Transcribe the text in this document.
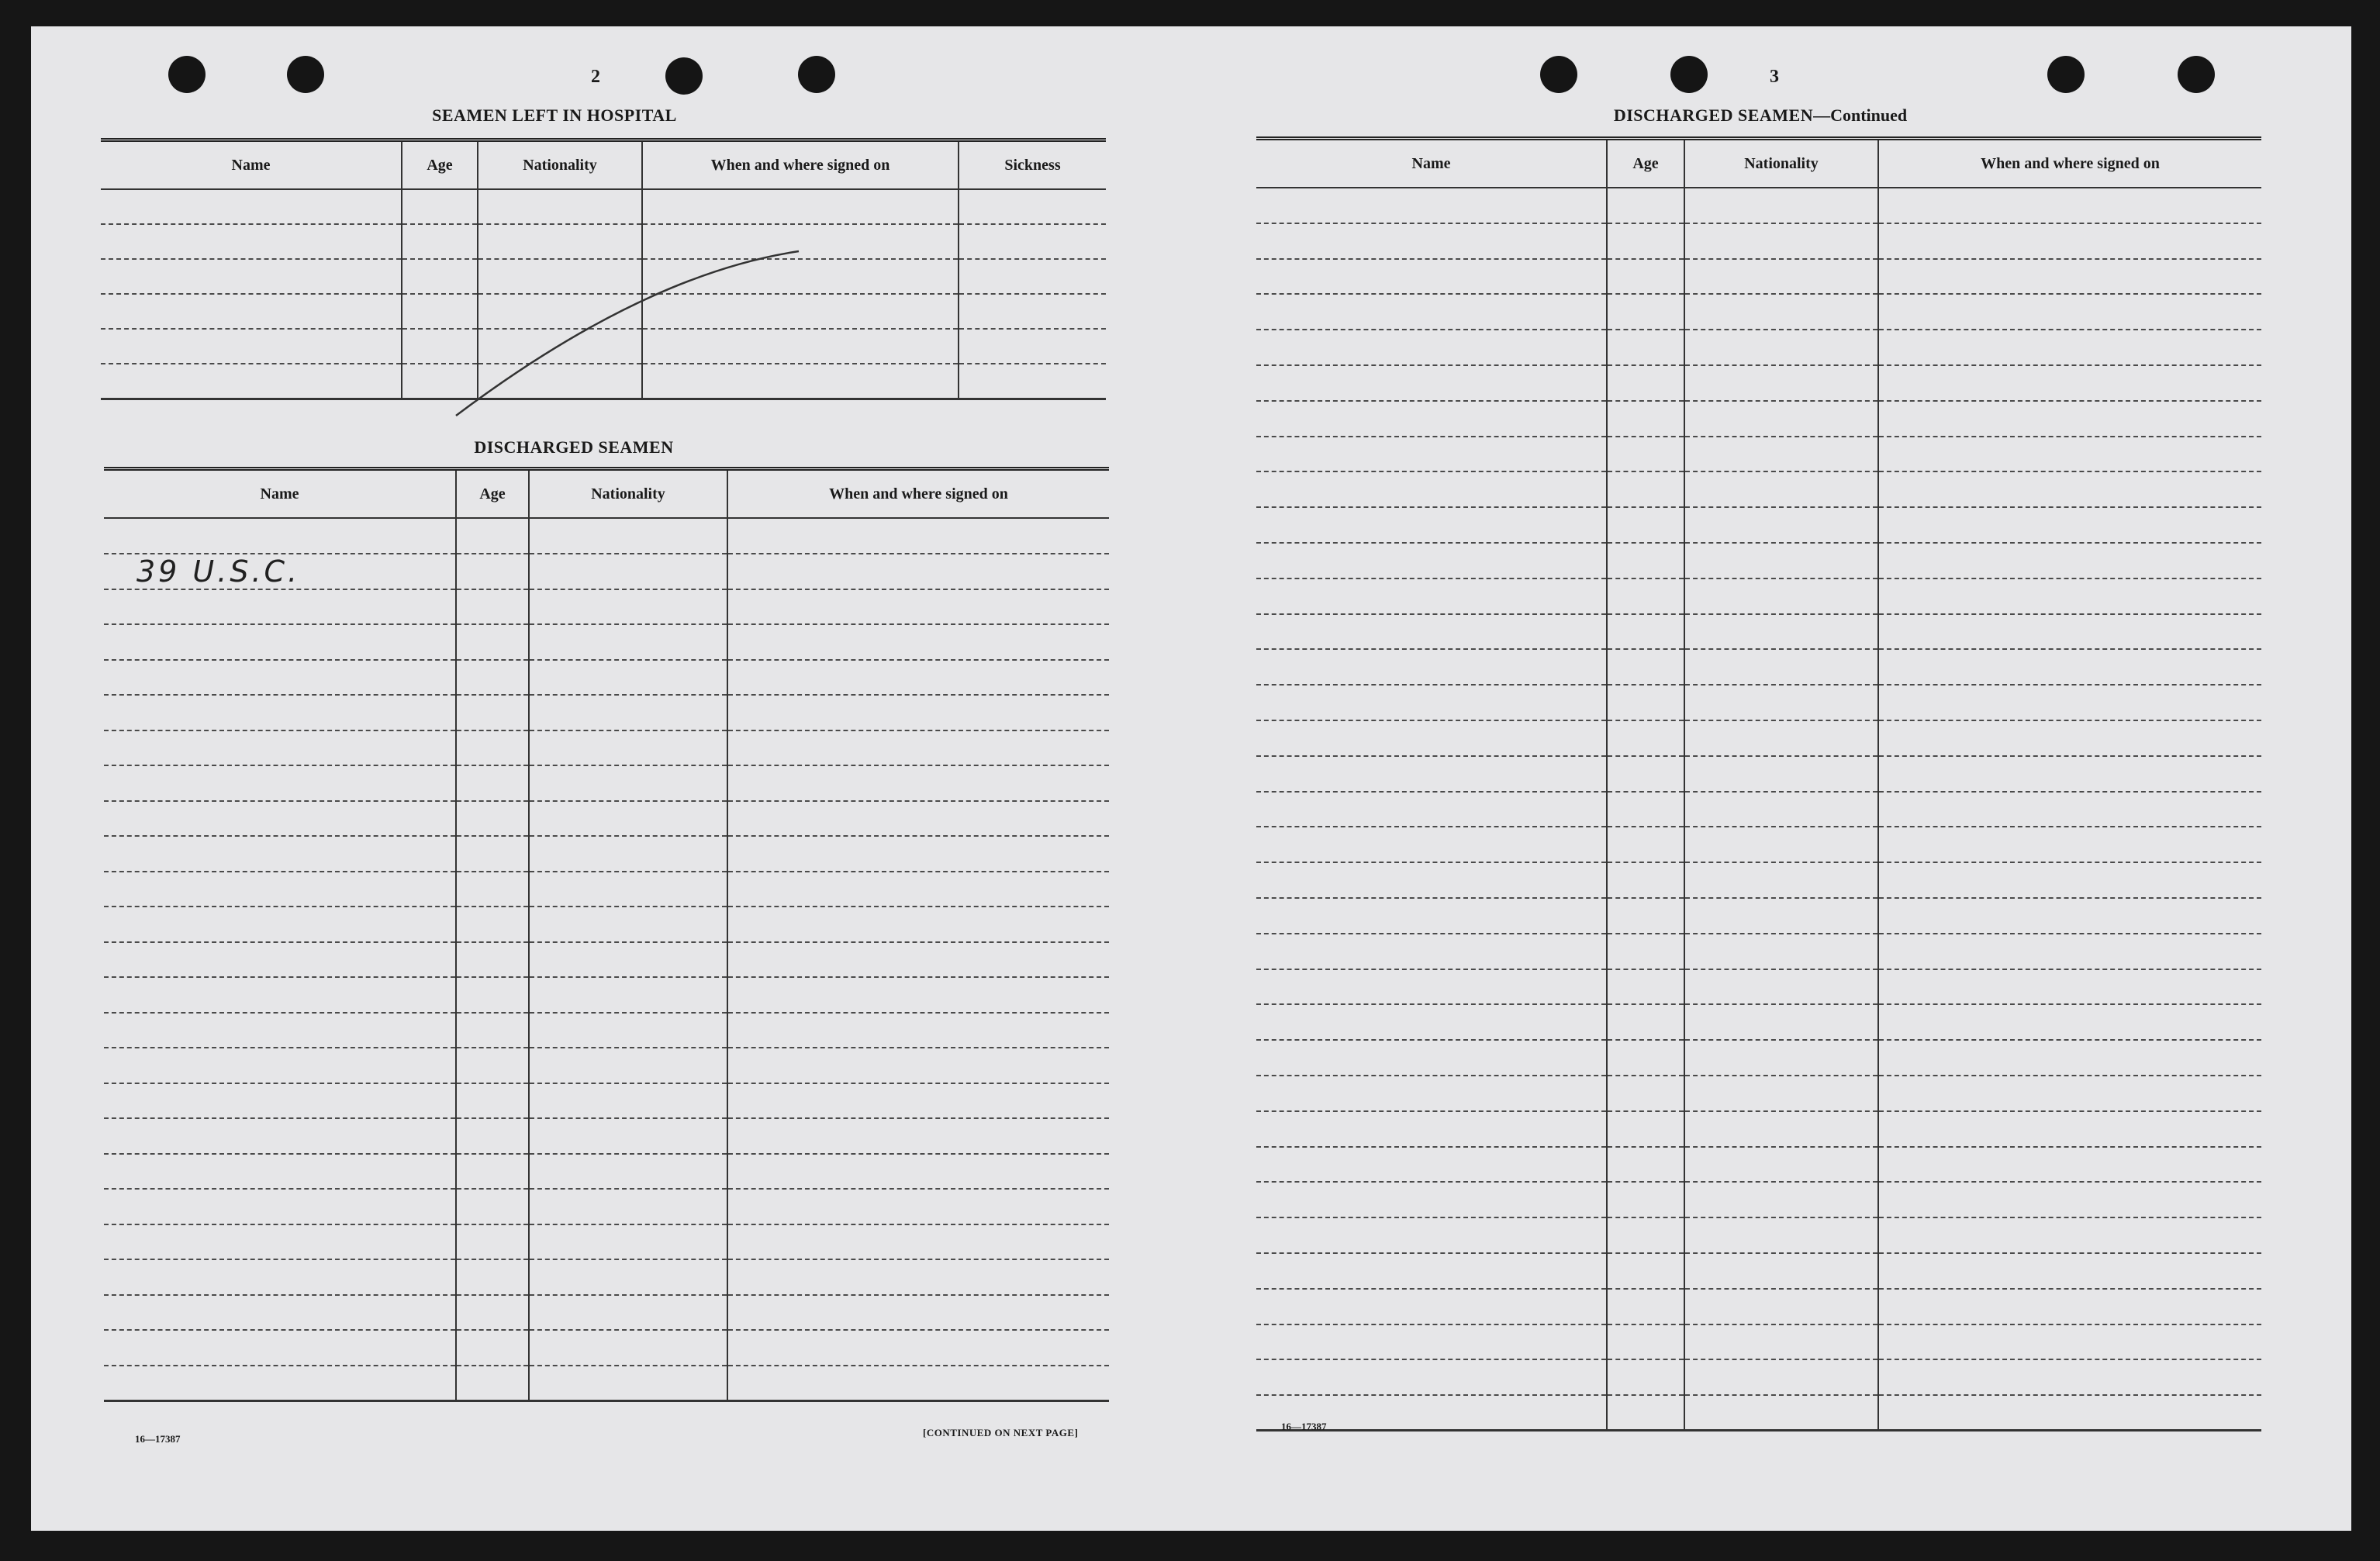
2
SEAMEN LEFT IN HOSPITAL
Name	Age	Nationality	When and where signed on	Sickness

DISCHARGED SEAMEN
Name	Age	Nationality	When and where signed on

39 U.S.C.			

16—17387
[CONTINUED ON NEXT PAGE]
3
DISCHARGED SEAMEN—Continued
Name	Age	Nationality	When and where signed on

16—17387
